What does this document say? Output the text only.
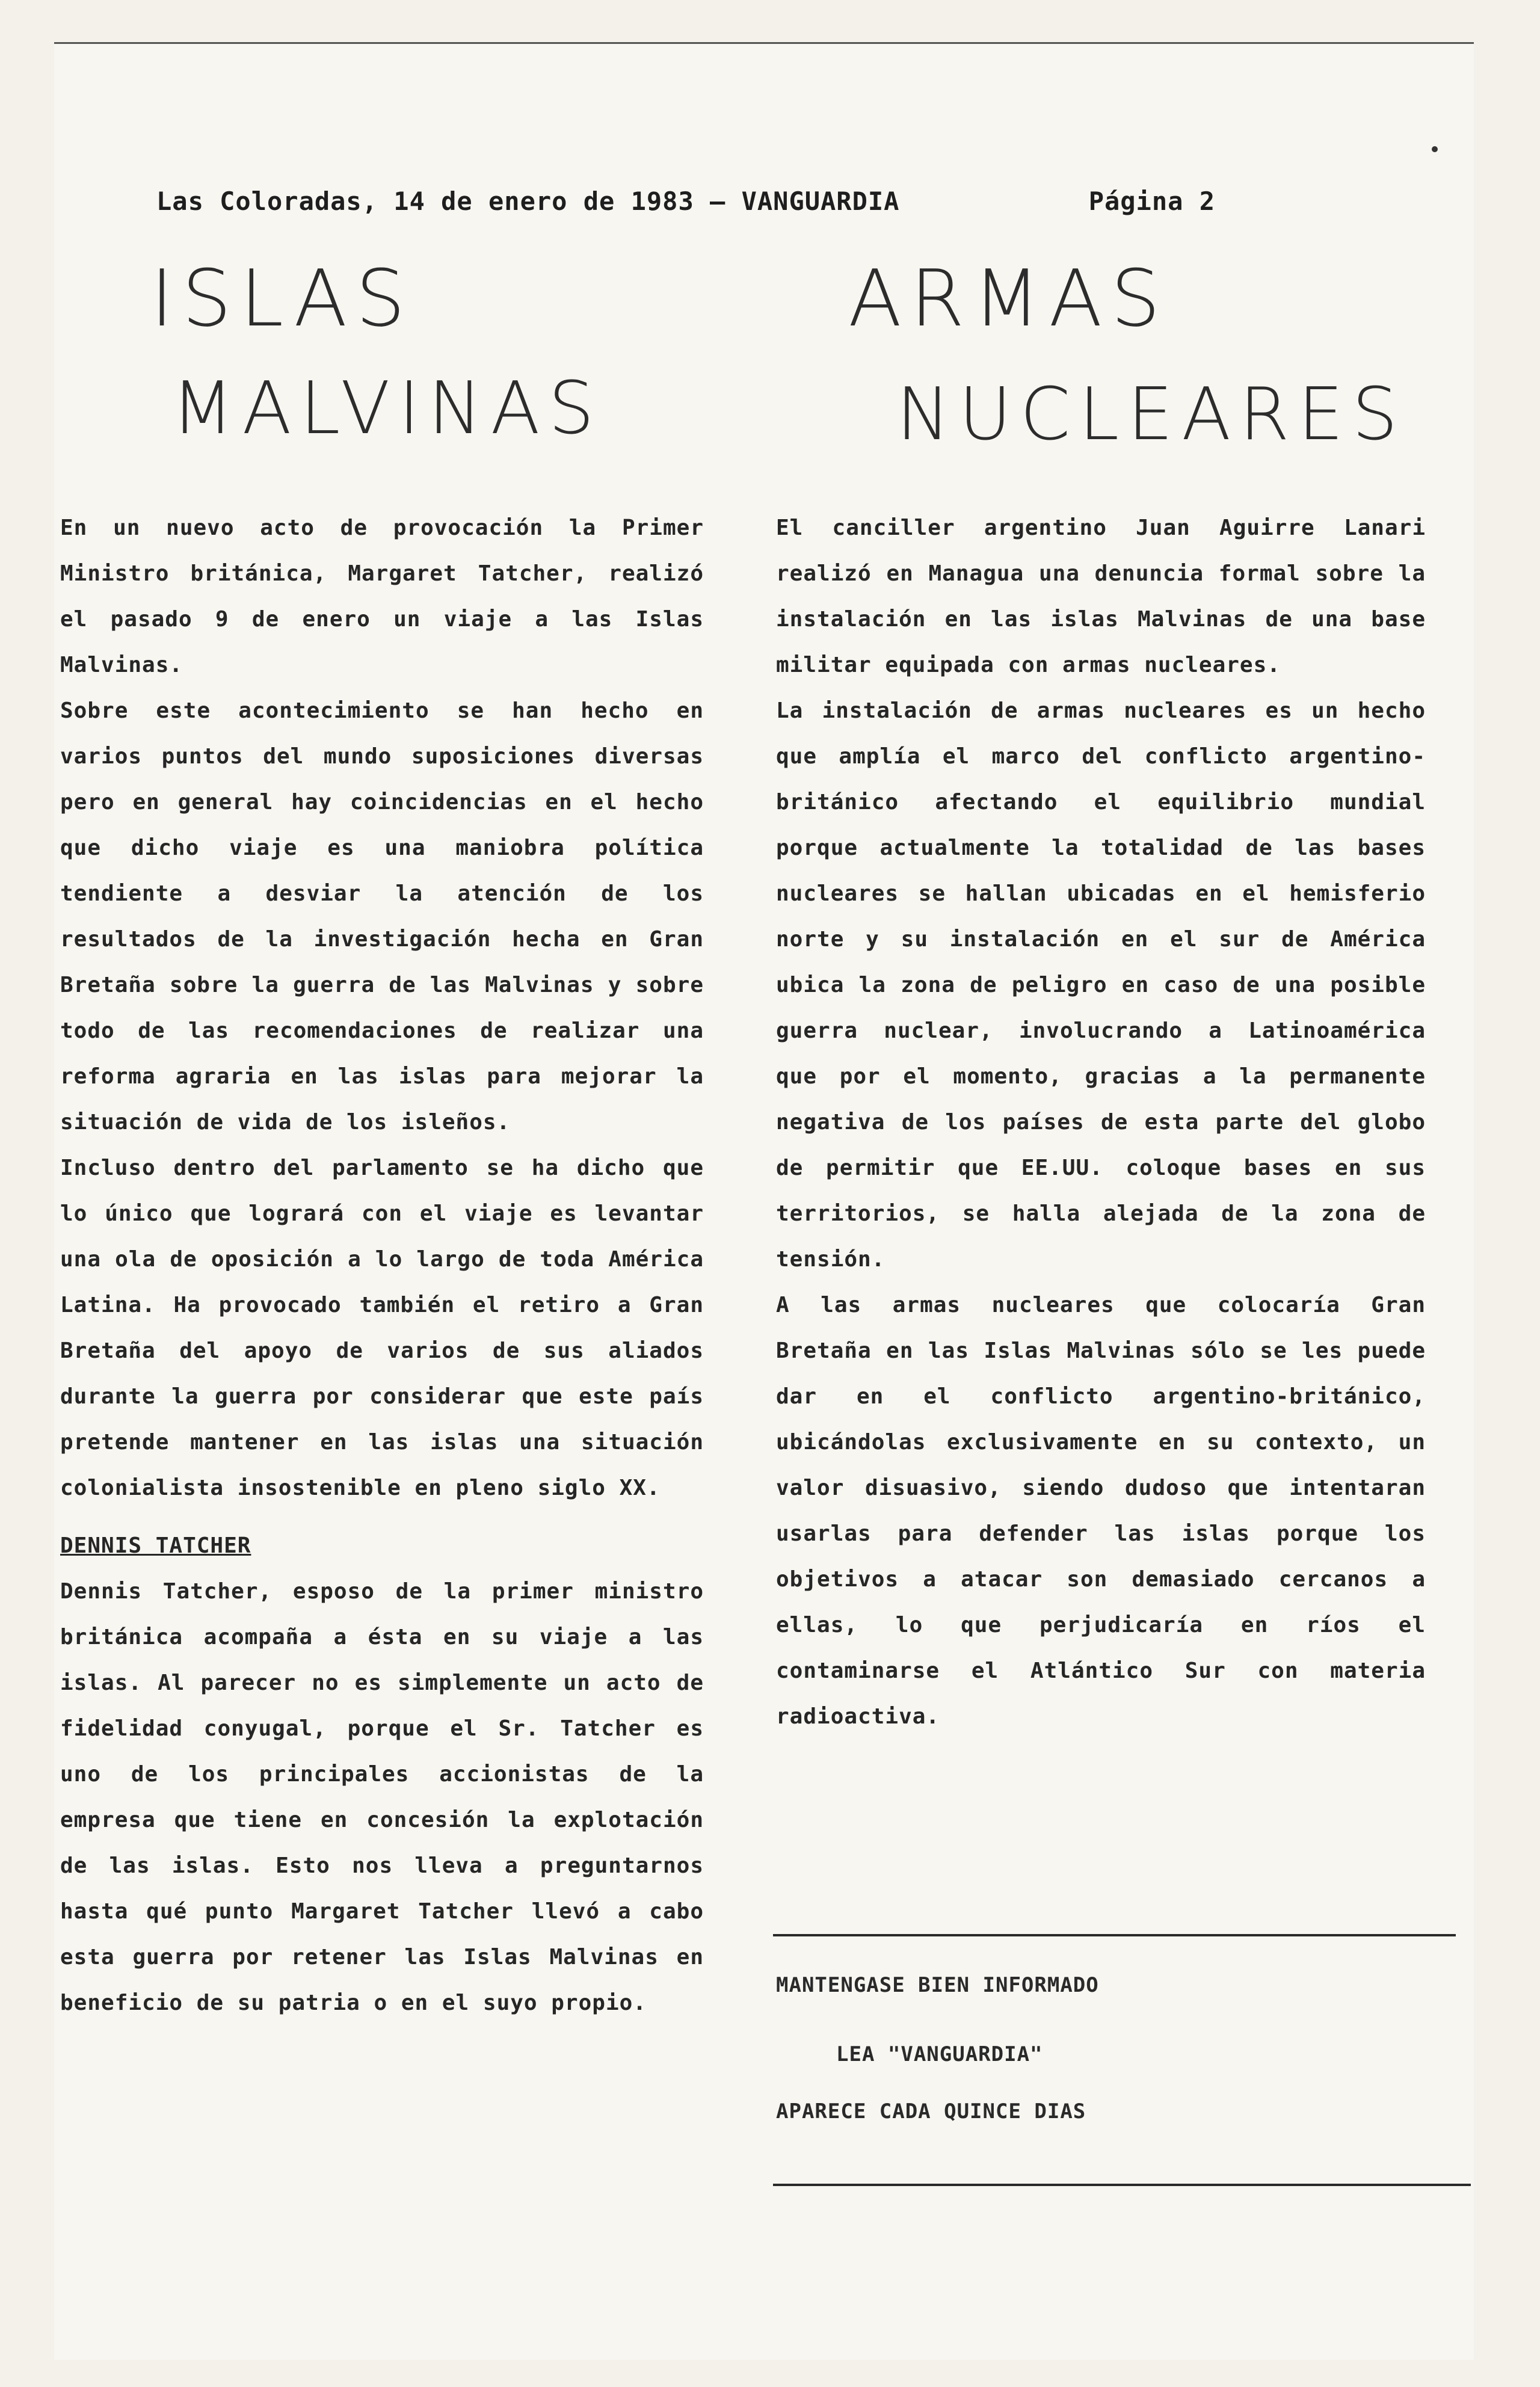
Las Coloradas, 14 de enero de 1983 — VANGUARDIA	Página 2
ISLAS
MALVINAS
ARMAS
NUCLEARES

En un nuevo acto de provocación la Primer Ministro británica, Margaret Tatcher, realizó el pasado 9 de enero un viaje a las Islas Malvinas.

Sobre este acontecimiento se han hecho en varios puntos del mundo suposiciones diversas pero en general hay coincidencias en el hecho que dicho viaje es una maniobra política tendiente a desviar la atención de los resultados de la investigación hecha en Gran Bretaña sobre la guerra de las Malvinas y sobre todo de las recomendaciones de realizar una reforma agraria en las islas para mejorar la situación de vida de los isleños.

Incluso dentro del parlamento se ha dicho que lo único que logrará con el viaje es levantar una ola de oposición a lo largo de toda América Latina. Ha provocado también el retiro a Gran Bretaña del apoyo de varios de sus aliados durante la guerra por considerar que este país pretende mantener en las islas una situación colonialista insostenible en pleno siglo XX.

DENNIS TATCHER

Dennis Tatcher, esposo de la primer ministro británica acompaña a ésta en su viaje a las islas. Al parecer no es simplemente un acto de fidelidad conyugal, porque el Sr. Tatcher es uno de los principales accionistas de la empresa que tiene en concesión la explotación de las islas. Esto nos lleva a preguntarnos hasta qué punto Margaret Tatcher llevó a cabo esta guerra por retener las Islas Malvinas en beneficio de su patria o en el suyo propio.

El canciller argentino Juan Aguirre Lanari realizó en Managua una denuncia formal sobre la instalación en las islas Malvinas de una base militar equipada con armas nucleares.

La instalación de armas nucleares es un hecho que amplía el marco del conflicto argentino-británico afectando el equilibrio mundial porque actualmente la totalidad de las bases nucleares se hallan ubicadas en el hemisferio norte y su instalación en el sur de América ubica la zona de peligro en caso de una posible guerra nuclear, involucrando a Latinoamérica que por el momento, gracias a la permanente negativa de los países de esta parte del globo de permitir que EE.UU. coloque bases en sus territorios, se halla alejada de la zona de tensión.

A las armas nucleares que colocaría Gran Bretaña en las Islas Malvinas sólo se les puede dar en el conflicto argentino-británico, ubicándolas exclusivamente en su contexto, un valor disuasivo, siendo dudoso que intentaran usarlas para defender las islas porque los objetivos a atacar son demasiado cercanos a ellas, lo que perjudicaría en ríos el contaminarse el Atlántico Sur con materia radioactiva.

MANTENGASE BIEN INFORMADO
LEA "VANGUARDIA"
APARECE CADA QUINCE DIAS
